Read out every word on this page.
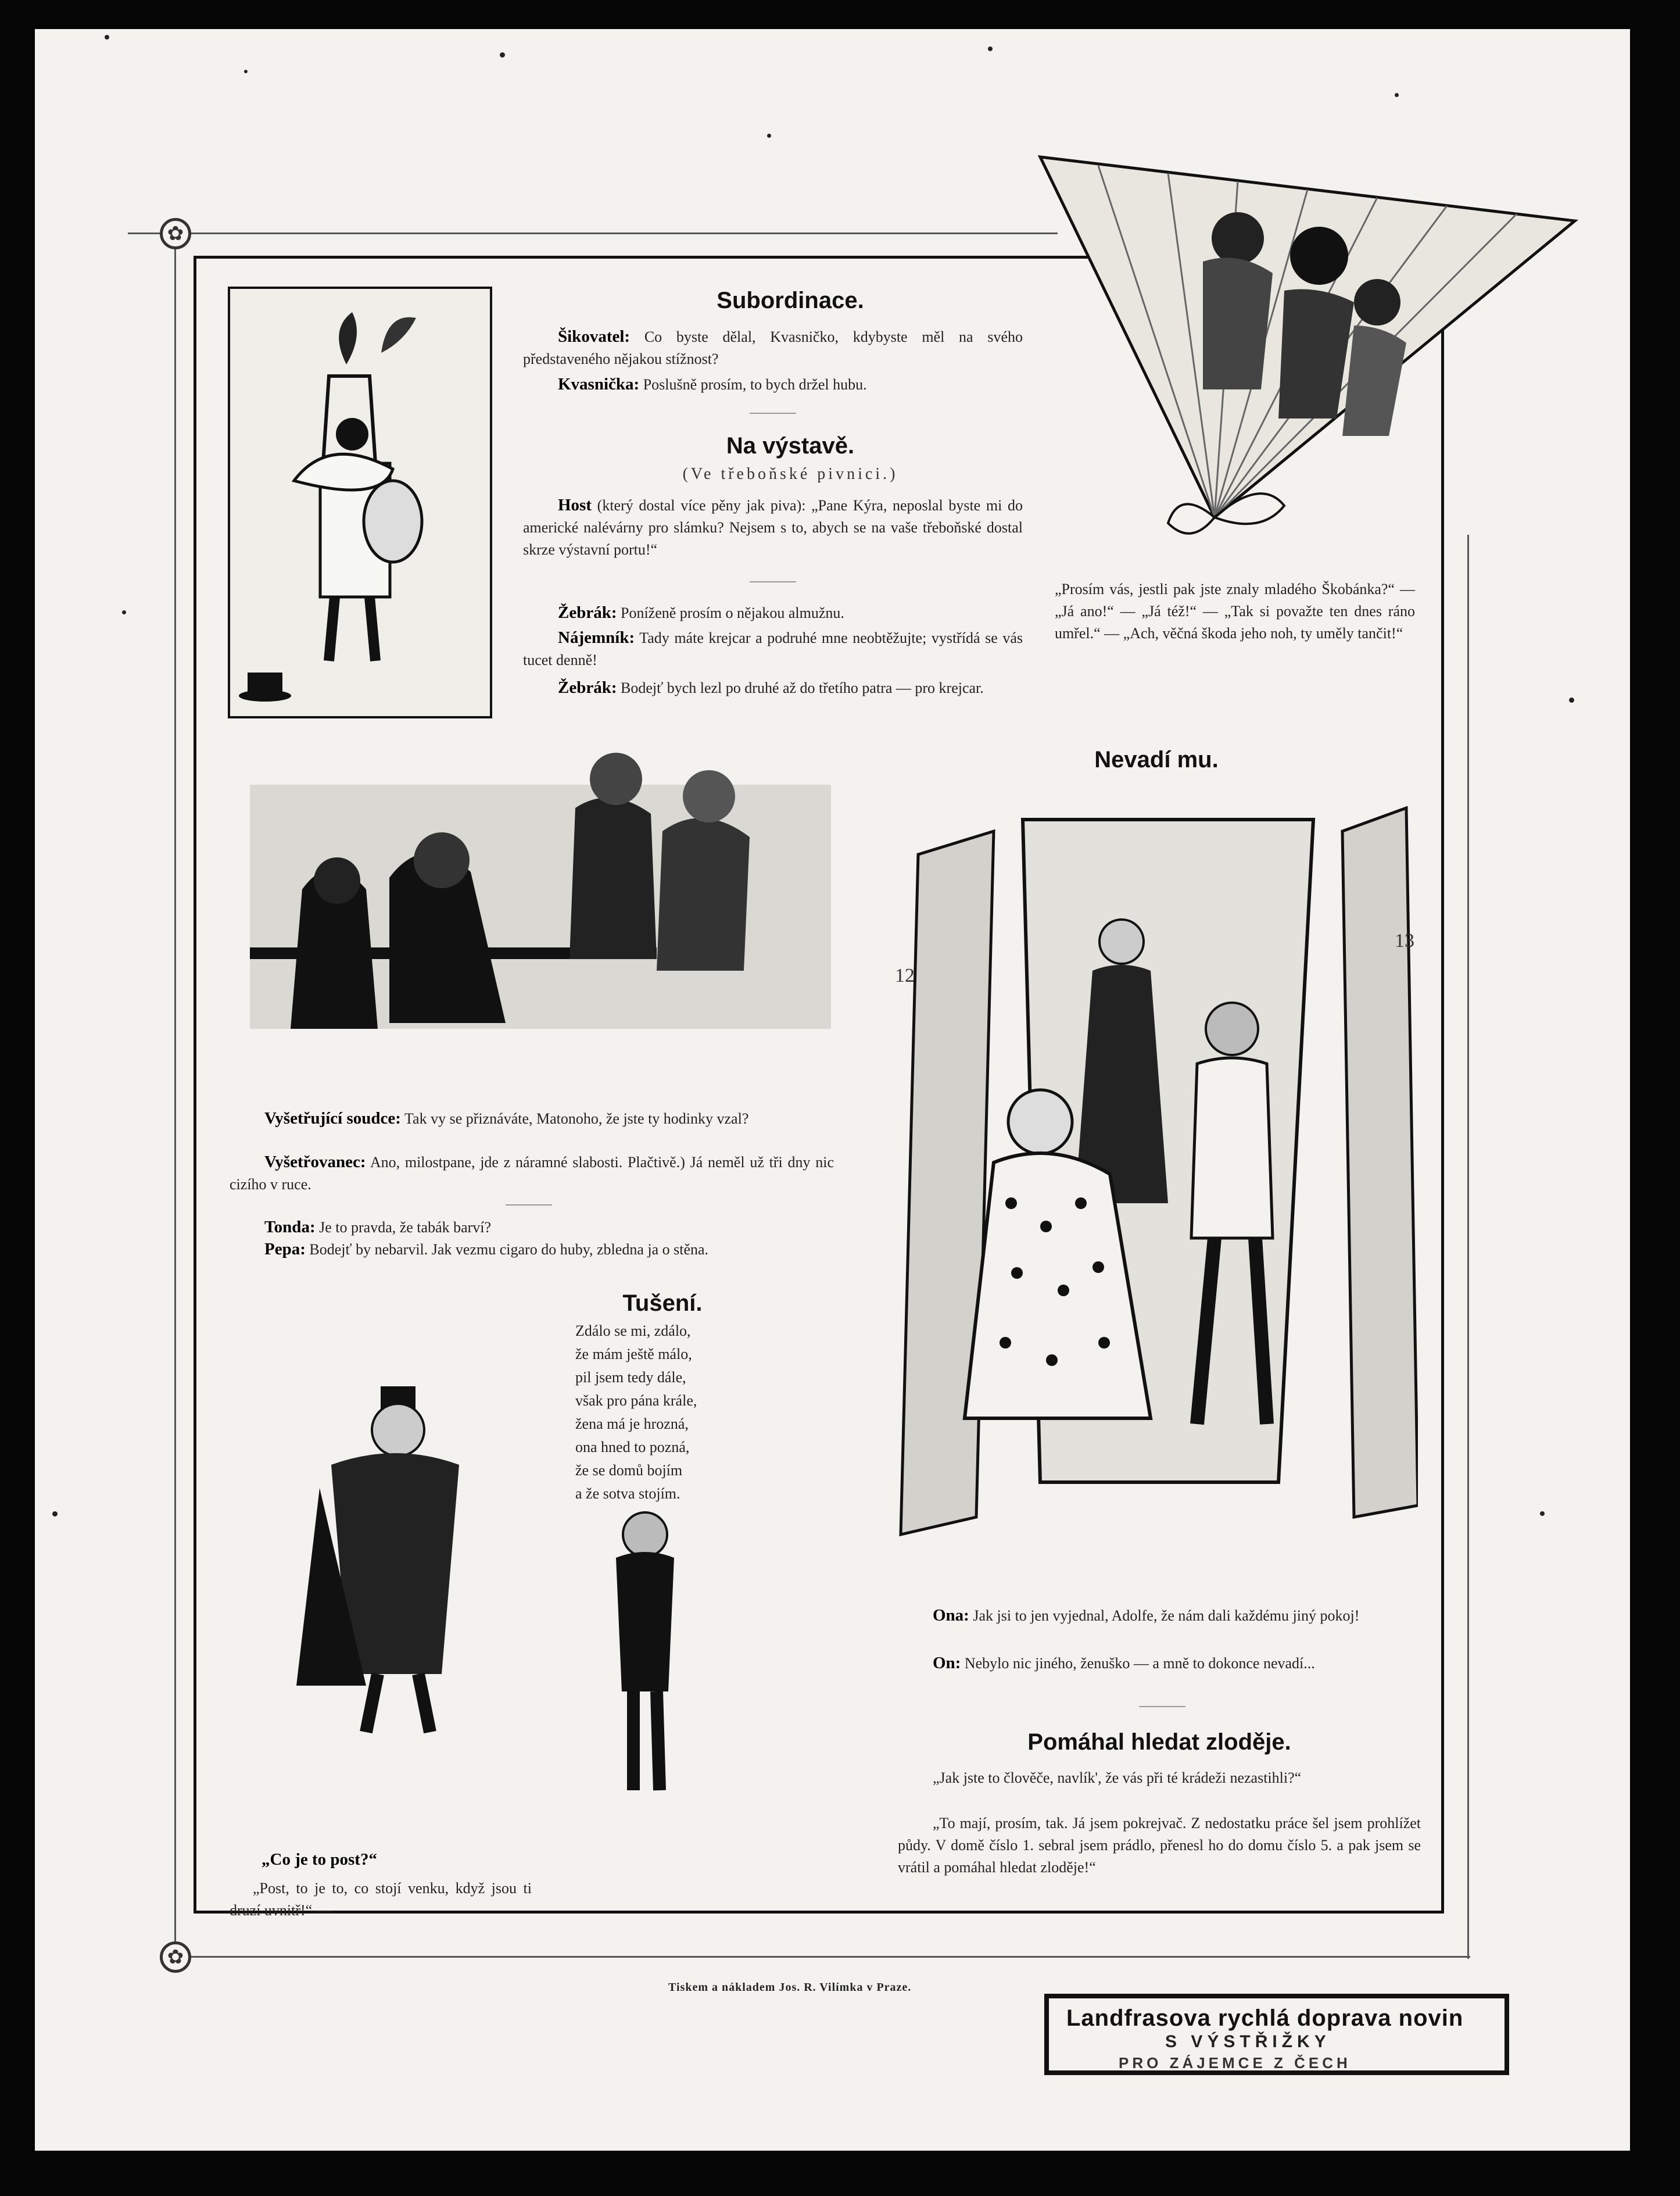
✿
✿
Subordinace.
Šikovatel: Co byste dělal, Kvasničko, kdybyste měl na svého představeného nějakou stížnost?
Kvasnička: Poslušně prosím, to bych držel hubu.
Na výstavě.
(Ve třeboňské pivnici.)
Host (který dostal více pěny jak piva): „Pane Kýra, neposlal byste mi do americké nalévárny pro slámku? Nejsem s to, abych se na vaše třeboňské dostal skrze výstavní portu!“
Žebrák: Poníženě prosím o nějakou almužnu.
Nájemník: Tady máte krejcar a podruhé mne neobtěžujte; vystřídá se vás tucet denně!
Žebrák: Bodejť bych lezl po druhé až do třetího patra — pro krejcar.
„Prosím vás, jestli pak jste znaly mladého Škobánka?“ — „Já ano!“ — „Já též!“ — „Tak si považte ten dnes ráno umřel.“ — „Ach, věčná škoda jeho noh, ty uměly tančit!“
Vyšetřující soudce: Tak vy se přiznáváte, Matonoho, že jste ty hodinky vzal?
Vyšetřovanec: Ano, milostpane, jde z náramné slabosti. Plačtivě.) Já neměl už tři dny nic cizího v ruce.
Tonda: Je to pravda, že tabák barví?
Pepa: Bodejť by nebarvil. Jak vezmu cigaro do huby, zbledna ja o stěna.
Tušení.
Zdálo se mi, zdálo,
že mám ještě málo,
pil jsem tedy dále,
však pro pána krále,
žena má je hrozná,
ona hned to pozná,
že se domů bojím
a že sotva stojím.
„Co je to post?“
„Post, to je to, co stojí venku, když jsou ti druzí uvnitř!“ —
Nevadí mu.
12
13
Ona: Jak jsi to jen vyjednal, Adolfe, že nám dali každému jiný pokoj!
On: Nebylo nic jiného, ženuško — a mně to dokonce nevadí...
Pomáhal hledat zloděje.
„Jak jste to člověče, navlík', že vás při té krádeži nezastihli?“
„To mají, prosím, tak. Já jsem pokrejvač. Z nedostatku práce šel jsem prohlížet půdy. V domě číslo 1. sebral jsem prádlo, přenesl ho do domu číslo 5. a pak jsem se vrátil a pomáhal hledat zloděje!“
Tiskem a nákladem Jos. R. Vilímka v Praze.
Landfrasova rychlá doprava novin
S VÝSTŘIŽKY
PRO ZÁJEMCE Z ČECH
